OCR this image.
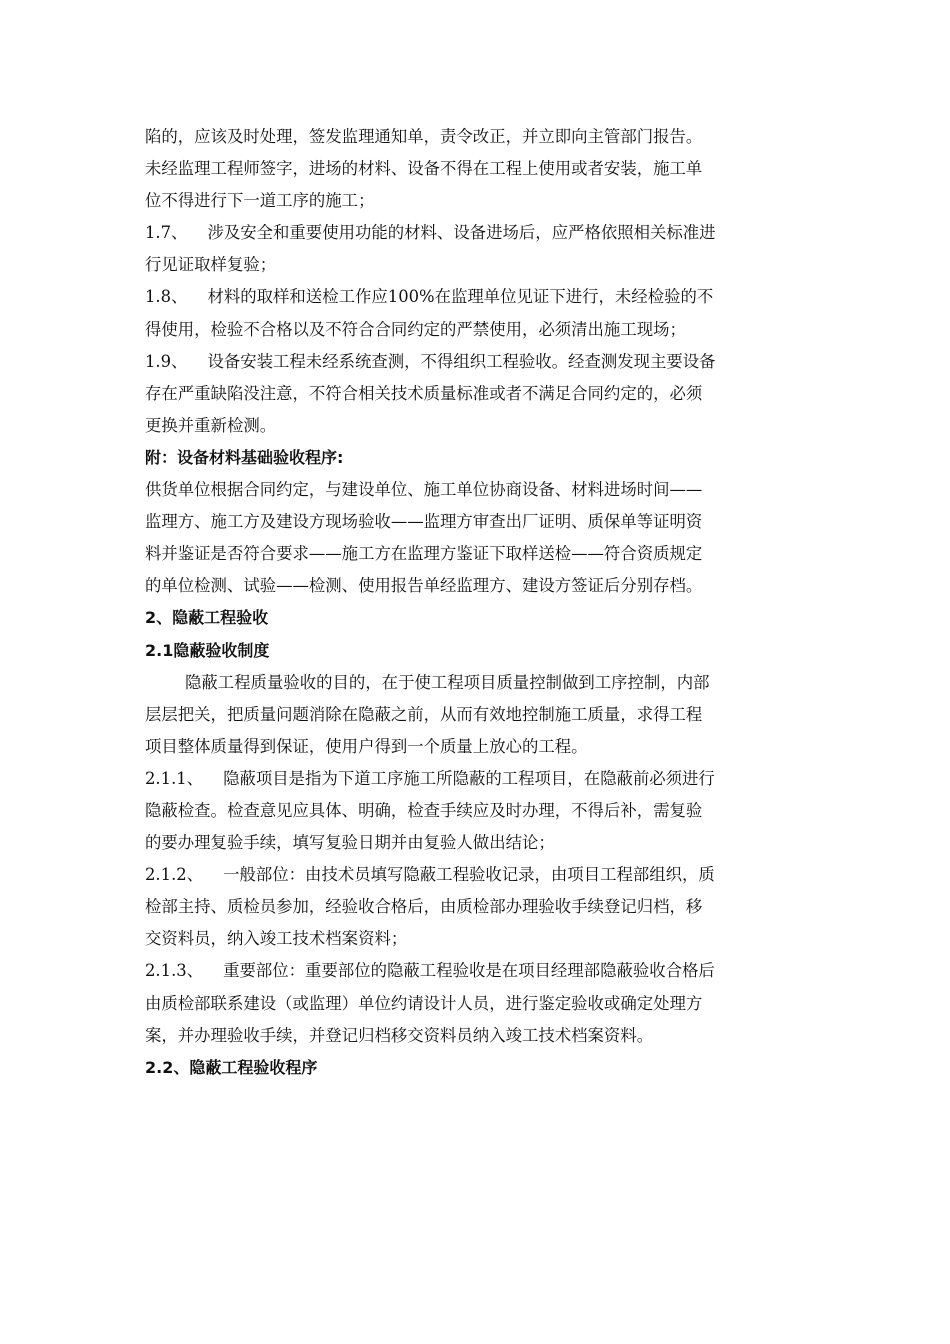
陷的，应该及时处理，签发监理通知单，责令改正，并立即向主管部门报告。
未经监理工程师签字，进场的材料、设备不得在工程上使用或者安装，施工单
位不得进行下一道工序的施工；
1.7、 涉及安全和重要使用功能的材料、设备进场后，应严格依照相关标准进
行见证取样复验；
1.8、 材料的取样和送检工作应100%在监理单位见证下进行，未经检验的不
得使用，检验不合格以及不符合合同约定的严禁使用，必须清出施工现场；
1.9、 设备安装工程未经系统查测，不得组织工程验收。经查测发现主要设备
存在严重缺陷没注意，不符合相关技术质量标准或者不满足合同约定的，必须
更换并重新检测。
附：设备材料基础验收程序:
供货单位根据合同约定，与建设单位、施工单位协商设备、材料进场时间——
监理方、施工方及建设方现场验收——监理方审查出厂证明、质保单等证明资
料并鉴证是否符合要求——施工方在监理方鉴证下取样送检——符合资质规定
的单位检测、试验——检测、使用报告单经监理方、建设方签证后分别存档。
2、隐蔽工程验收
2.1隐蔽验收制度
隐蔽工程质量验收的目的，在于使工程项目质量控制做到工序控制，内部
层层把关，把质量问题消除在隐蔽之前，从而有效地控制施工质量，求得工程
项目整体质量得到保证，使用户得到一个质量上放心的工程。
2.1.1、 隐蔽项目是指为下道工序施工所隐蔽的工程项目，在隐蔽前必须进行
隐蔽检查。检查意见应具体、明确，检查手续应及时办理，不得后补，需复验
的要办理复验手续，填写复验日期并由复验人做出结论；
2.1.2、 一般部位：由技术员填写隐蔽工程验收记录，由项目工程部组织，质
检部主持、质检员参加，经验收合格后，由质检部办理验收手续登记归档，移
交资料员，纳入竣工技术档案资料；
2.1.3、 重要部位：重要部位的隐蔽工程验收是在项目经理部隐蔽验收合格后
由质检部联系建设（或监理）单位约请设计人员，进行鉴定验收或确定处理方
案，并办理验收手续，并登记归档移交资料员纳入竣工技术档案资料。
2.2、隐蔽工程验收程序
